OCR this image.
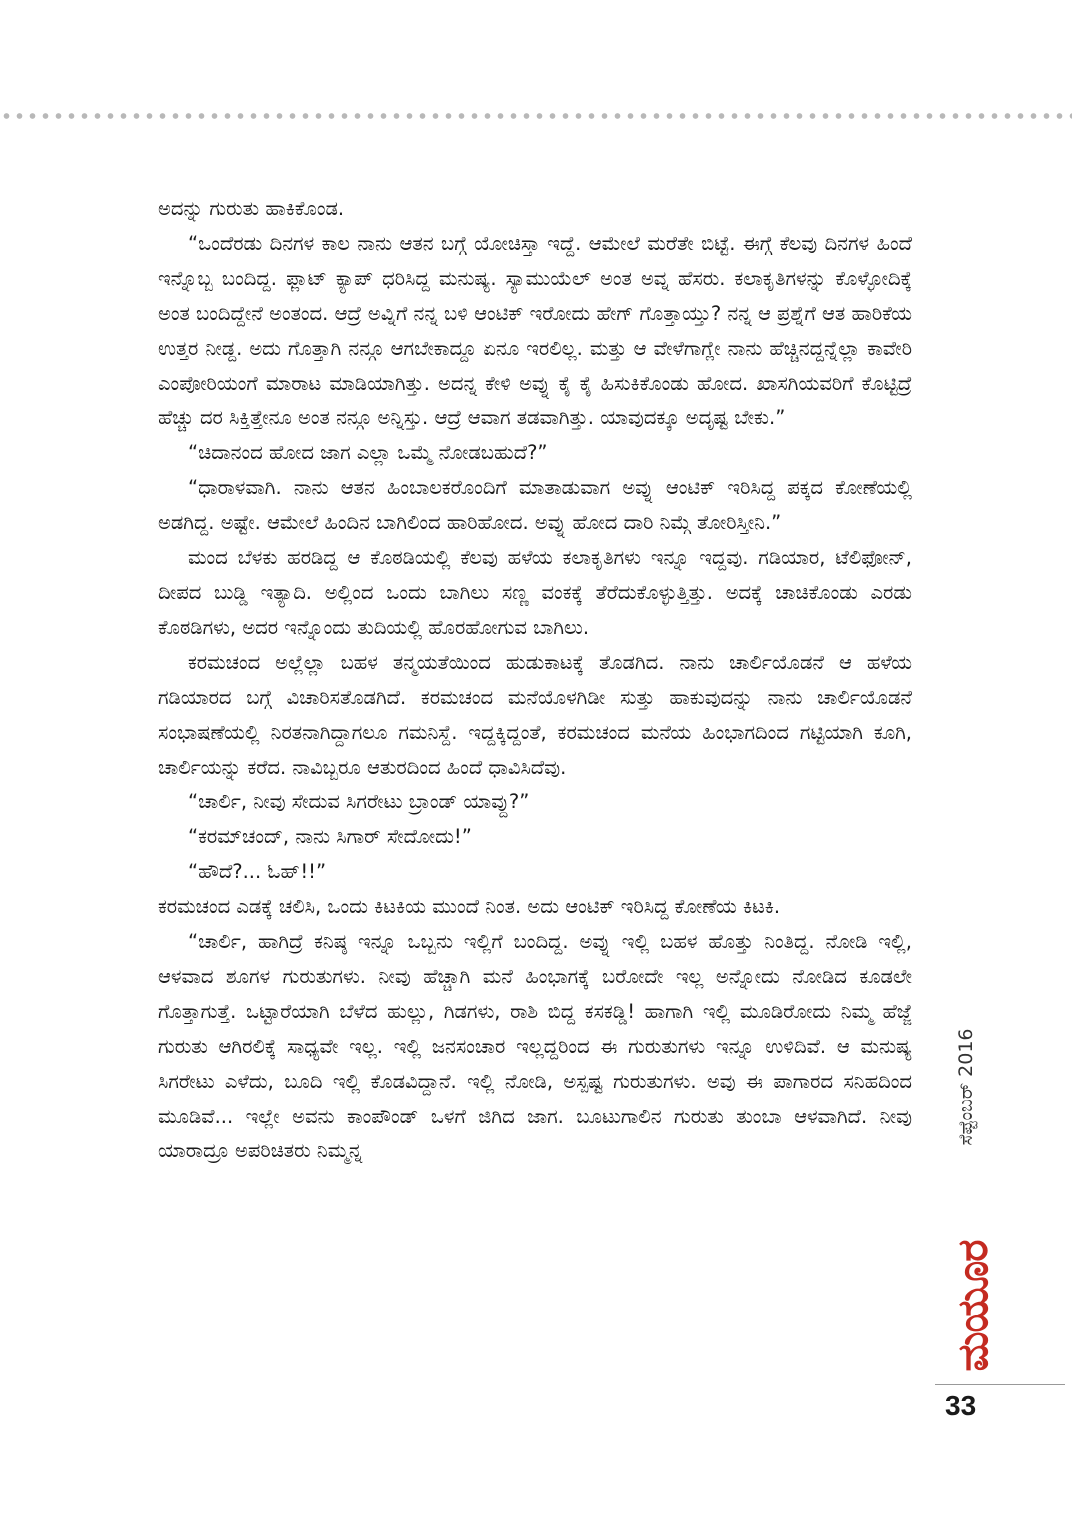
ಅದನ್ನು ಗುರುತು ಹಾಕಿಕೊಂಡ.

“ಒಂದೆರಡು ದಿನಗಳ ಕಾಲ ನಾನು ಆತನ ಬಗ್ಗೆ ಯೋಚಿಸ್ತಾ ಇದ್ದೆ. ಆಮೇಲೆ ಮರೆತೇ ಬಿಟ್ಟೆ. ಈಗ್ಗೆ ಕೆಲವು ದಿನಗಳ ಹಿಂದೆ ಇನ್ನೊಬ್ಬ ಬಂದಿದ್ದ. ಫ್ಲಾಟ್ ಕ್ಯಾಪ್ ಧರಿಸಿದ್ದ ಮನುಷ್ಯ. ಸ್ಯಾಮುಯೆಲ್ ಅಂತ ಅವ್ನ ಹೆಸರು. ಕಲಾಕೃತಿಗಳನ್ನು ಕೊಳ್ಳೋದಿಕ್ಕೆ ಅಂತ ಬಂದಿದ್ದೇನೆ ಅಂತಂದ. ಆದ್ರೆ ಅವ್ನಿಗೆ ನನ್ನ ಬಳಿ ಆಂಟಿಕ್ ಇರೋದು ಹೇಗ್ ಗೊತ್ತಾಯ್ತು? ನನ್ನ ಆ ಪ್ರಶ್ನೆಗೆ ಆತ ಹಾರಿಕೆಯ ಉತ್ತರ ನೀಡ್ದ. ಅದು ಗೊತ್ತಾಗಿ ನನ್ಗೂ ಆಗಬೇಕಾದ್ದೂ ಏನೂ ಇರಲಿಲ್ಲ. ಮತ್ತು ಆ ವೇಳೆಗಾಗ್ಲೇ ನಾನು ಹೆಚ್ಚಿನದ್ದನ್ನೆಲ್ಲಾ ಕಾವೇರಿ ಎಂಪೋರಿಯಂಗೆ ಮಾರಾಟ ಮಾಡಿಯಾಗಿತ್ತು. ಅದನ್ನ ಕೇಳಿ ಅವ್ನು ಕೈ ಕೈ ಹಿಸುಕಿಕೊಂಡು ಹೋದ. ಖಾಸಗಿಯವರಿಗೆ ಕೊಟ್ಟಿದ್ರೆ ಹೆಚ್ಚು ದರ ಸಿಕ್ತಿತ್ತೇನೂ ಅಂತ ನನ್ಗೂ ಅನ್ನಿಸ್ತು. ಆದ್ರೆ ಆವಾಗ ತಡವಾಗಿತ್ತು. ಯಾವುದಕ್ಕೂ ಅದೃಷ್ಟ ಬೇಕು.”

“ಚಿದಾನಂದ ಹೋದ ಜಾಗ ಎಲ್ಲಾ ಒಮ್ಮೆ ನೋಡಬಹುದೆ?”

“ಧಾರಾಳವಾಗಿ. ನಾನು ಆತನ ಹಿಂಬಾಲಕರೊಂದಿಗೆ ಮಾತಾಡುವಾಗ ಅವ್ನು ಆಂಟಿಕ್ ಇರಿಸಿದ್ದ ಪಕ್ಕದ ಕೋಣೆಯಲ್ಲಿ ಅಡಗಿದ್ದ. ಅಷ್ಟೇ. ಆಮೇಲೆ ಹಿಂದಿನ ಬಾಗಿಲಿಂದ ಹಾರಿಹೋದ. ಅವ್ನು ಹೋದ ದಾರಿ ನಿಮ್ಗೆ ತೋರಿಸ್ತೀನಿ.”

ಮಂದ ಬೆಳಕು ಹರಡಿದ್ದ ಆ ಕೊಠಡಿಯಲ್ಲಿ ಕೆಲವು ಹಳೆಯ ಕಲಾಕೃತಿಗಳು ಇನ್ನೂ ಇದ್ದವು. ಗಡಿಯಾರ, ಟೆಲಿಫೋನ್, ದೀಪದ ಬುಡ್ಡಿ ಇತ್ಯಾದಿ. ಅಲ್ಲಿಂದ ಒಂದು ಬಾಗಿಲು ಸಣ್ಣ ವಂಕಕ್ಕೆ ತೆರೆದುಕೊಳ್ಳುತ್ತಿತ್ತು. ಅದಕ್ಕೆ ಚಾಚಿಕೊಂಡು ಎರಡು ಕೊಠಡಿಗಳು, ಅದರ ಇನ್ನೊಂದು ತುದಿಯಲ್ಲಿ ಹೊರಹೋಗುವ ಬಾಗಿಲು.

ಕರಮಚಂದ ಅಲ್ಲೆಲ್ಲಾ ಬಹಳ ತನ್ಮಯತೆಯಿಂದ ಹುಡುಕಾಟಕ್ಕೆ ತೊಡಗಿದ. ನಾನು ಚಾರ್ಲಿಯೊಡನೆ ಆ ಹಳೆಯ ಗಡಿಯಾರದ ಬಗ್ಗೆ ವಿಚಾರಿಸತೊಡಗಿದೆ. ಕರಮಚಂದ ಮನೆಯೊಳಗಿಡೀ ಸುತ್ತು ಹಾಕುವುದನ್ನು ನಾನು ಚಾರ್ಲಿಯೊಡನೆ ಸಂಭಾಷಣೆಯಲ್ಲಿ ನಿರತನಾಗಿದ್ದಾಗಲೂ ಗಮನಿಸ್ದೆ. ಇದ್ದಕ್ಕಿದ್ದಂತೆ, ಕರಮಚಂದ ಮನೆಯ ಹಿಂಭಾಗದಿಂದ ಗಟ್ಟಿಯಾಗಿ ಕೂಗಿ, ಚಾರ್ಲಿಯನ್ನು ಕರೆದ. ನಾವಿಬ್ಬರೂ ಆತುರದಿಂದ ಹಿಂದೆ ಧಾವಿಸಿದೆವು.

“ಚಾರ್ಲಿ, ನೀವು ಸೇದುವ ಸಿಗರೇಟು ಬ್ರಾಂಡ್ ಯಾವ್ದು?”

“ಕರಮ್‌ಚಂದ್, ನಾನು ಸಿಗಾರ್ ಸೇದೋದು!”

“ಹೌದೆ?... ಓಹ್!!”

ಕರಮಚಂದ ಎಡಕ್ಕೆ ಚಲಿಸಿ, ಒಂದು ಕಿಟಕಿಯ ಮುಂದೆ ನಿಂತ. ಅದು ಆಂಟಿಕ್ ಇರಿಸಿದ್ದ ಕೋಣೆಯ ಕಿಟಕಿ.

“ಚಾರ್ಲಿ, ಹಾಗಿದ್ರೆ ಕನಿಷ್ಠ ಇನ್ನೂ ಒಬ್ಬನು ಇಲ್ಲಿಗೆ ಬಂದಿದ್ದ. ಅವ್ನು ಇಲ್ಲಿ ಬಹಳ ಹೊತ್ತು ನಿಂತಿದ್ದ. ನೋಡಿ ಇಲ್ಲಿ, ಆಳವಾದ ಶೂಗಳ ಗುರುತುಗಳು. ನೀವು ಹೆಚ್ಚಾಗಿ ಮನೆ ಹಿಂಭಾಗಕ್ಕೆ ಬರೋದೇ ಇಲ್ಲ ಅನ್ನೋದು ನೋಡಿದ ಕೂಡಲೇ ಗೊತ್ತಾಗುತ್ತೆ. ಒಟ್ಟಾರೆಯಾಗಿ ಬೆಳೆದ ಹುಲ್ಲು, ಗಿಡಗಳು, ರಾಶಿ ಬಿದ್ದ ಕಸಕಡ್ಡಿ! ಹಾಗಾಗಿ ಇಲ್ಲಿ ಮೂಡಿರೋದು ನಿಮ್ಮ ಹೆಜ್ಜೆ ಗುರುತು ಆಗಿರಲಿಕ್ಕೆ ಸಾಧ್ಯವೇ ಇಲ್ಲ. ಇಲ್ಲಿ ಜನಸಂಚಾರ ಇಲ್ಲದ್ದರಿಂದ ಈ ಗುರುತುಗಳು ಇನ್ನೂ ಉಳಿದಿವೆ. ಆ ಮನುಷ್ಯ ಸಿಗರೇಟು ಎಳೆದು, ಬೂದಿ ಇಲ್ಲಿ ಕೊಡವಿದ್ದಾನೆ. ಇಲ್ಲಿ ನೋಡಿ, ಅಸ್ಪಷ್ಟ ಗುರುತುಗಳು. ಅವು ಈ ಪಾಗಾರದ ಸನಿಹದಿಂದ ಮೂಡಿವೆ... ಇಲ್ಲೇ ಅವನು ಕಾಂಪೌಂಡ್ ಒಳಗೆ ಜಿಗಿದ ಜಾಗ. ಬೂಟುಗಾಲಿನ ಗುರುತು ತುಂಬಾ ಆಳವಾಗಿದೆ. ನೀವು ಯಾರಾದ್ರೂ ಅಪರಿಚಿತರು ನಿಮ್ಮನ್ನ

ಸೆಪ್ಟೆಂಬರ್ 2016
ಮಯೂರ
33
